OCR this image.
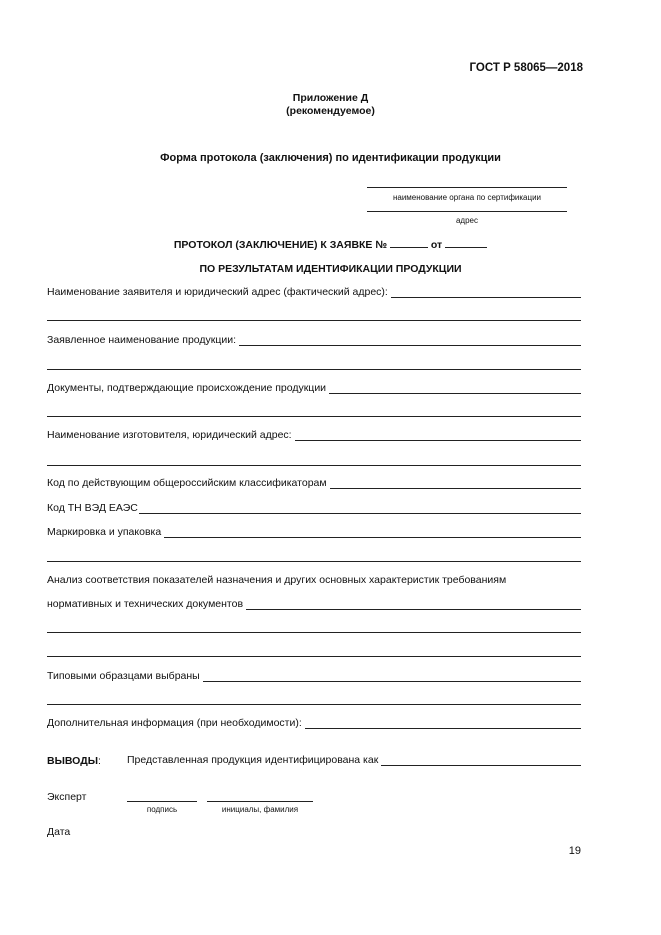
ГОСТ Р 58065—2018
Приложение Д
(рекомендуемое)
Форма протокола (заключения) по идентификации продукции
наименование органа по сертификации
адрес
ПРОТОКОЛ (ЗАКЛЮЧЕНИЕ) К ЗАЯВКЕ №	от
ПО РЕЗУЛЬТАТАМ ИДЕНТИФИКАЦИИ ПРОДУКЦИИ
Наименование заявителя и юридический адрес (фактический адрес):
Заявленное наименование продукции:
Документы, подтверждающие происхождение продукции
Наименование изготовителя, юридический адрес:
Код по действующим общероссийским классификаторам
Код ТН ВЭД ЕАЭС
Маркировка и упаковка
Анализ соответствия показателей назначения и других основных характеристик требованиям
нормативных и технических документов
Типовыми образцами выбраны
Дополнительная информация (при необходимости):
ВЫВОДЫ: Представленная продукция идентифицирована как
Эксперт
подпись	инициалы, фамилия
Дата
19
